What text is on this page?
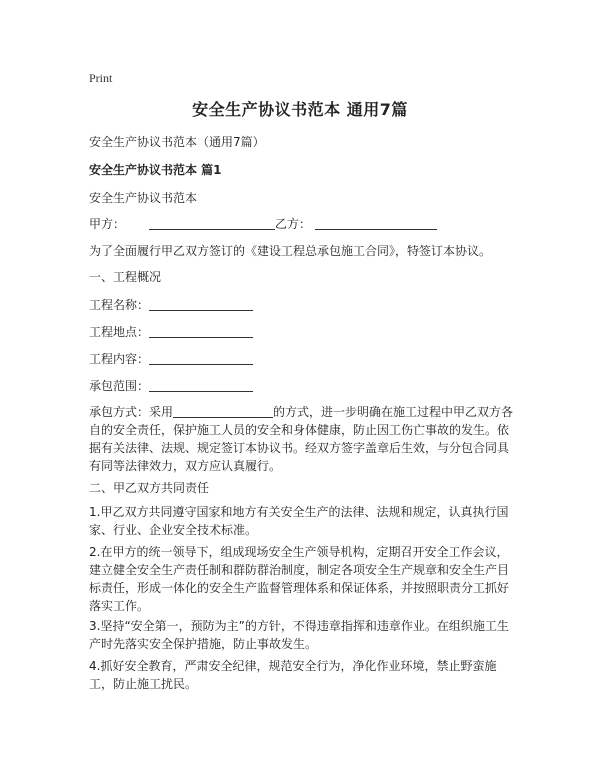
Print
安全生产协议书范本 通用7篇
安全生产协议书范本（通用7篇）
安全生产协议书范本 篇1
安全生产协议书范本
甲方：	乙方：
为了全面履行甲乙双方签订的《建设工程总承包施工合同》，特签订本协议。
一、工程概况
工程名称：
工程地点：
工程内容：
承包范围：
承包方式：采用	的方式，进一步明确在施工过程中甲乙双方各自的安全责任，保护施工人员的安全和身体健康，防止因工伤亡事故的发生。依据有关法律、法规、规定签订本协议书。经双方签字盖章后生效，与分包合同具有同等法律效力，双方应认真履行。
二、甲乙双方共同责任
1.甲乙双方共同遵守国家和地方有关安全生产的法律、法规和规定，认真执行国家、行业、企业安全技术标准。
2.在甲方的统一领导下，组成现场安全生产领导机构，定期召开安全工作会议，建立健全安全生产责任制和群防群治制度，制定各项安全生产规章和安全生产目标责任，形成一体化的安全生产监督管理体系和保证体系，并按照职责分工抓好落实工作。
3.坚持“安全第一，预防为主”的方针，不得违章指挥和违章作业。在组织施工生产时先落实安全保护措施，防止事故发生。
4.抓好安全教育，严肃安全纪律，规范安全行为，净化作业环境，禁止野蛮施工，防止施工扰民。
